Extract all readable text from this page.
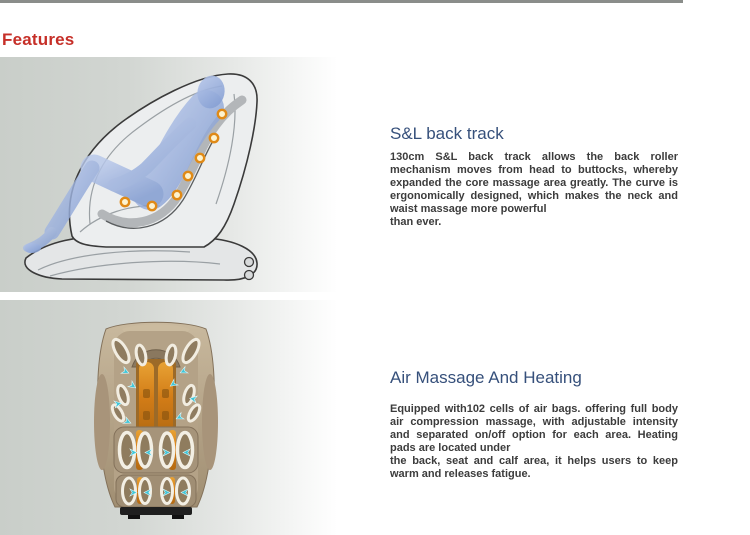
Features
S&L back track
130cm S&L back track allows the back roller
mechanism moves from head to buttocks, whereby
expanded the core massage area greatly. The curve is
ergonomically designed, which makes the neck and
waist massage more powerful
than ever.
Air Massage And Heating
Equipped with102 cells of air bags. offering full body
air compression massage, with adjustable intensity
and separated on/off option for each area. Heating
pads are located under
the back, seat and calf area, it helps users to keep
warm and releases fatigue.
